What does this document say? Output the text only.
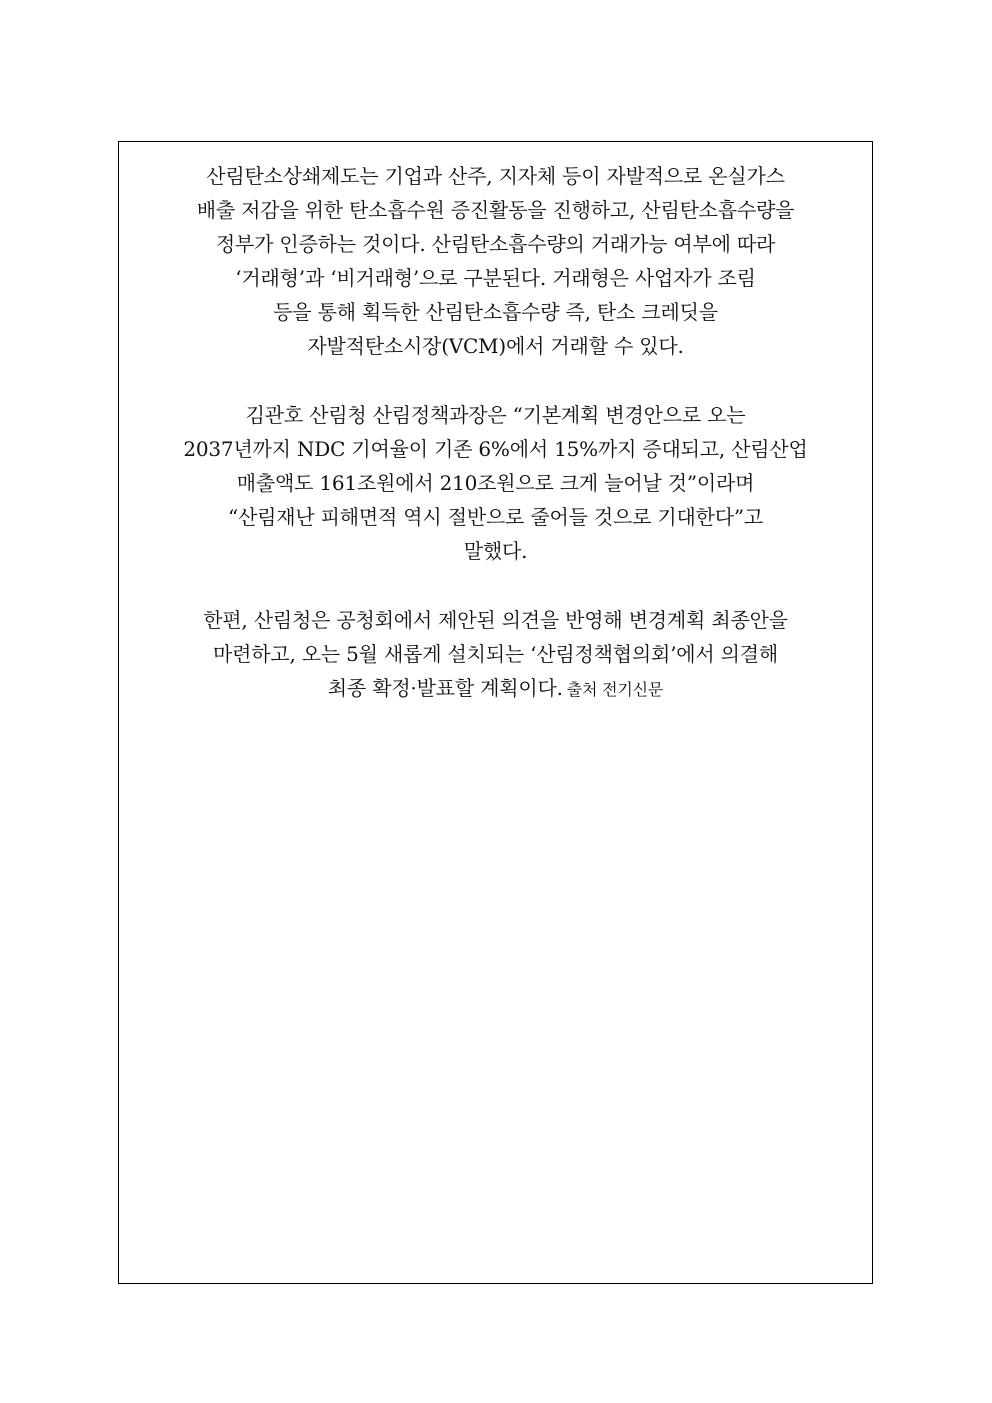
산림탄소상쇄제도는 기업과 산주, 지자체 등이 자발적으로 온실가스
배출 저감을 위한 탄소흡수원 증진활동을 진행하고, 산림탄소흡수량을
정부가 인증하는 것이다. 산림탄소흡수량의 거래가능 여부에 따라
‘거래형’과 ‘비거래형’으로 구분된다. 거래형은 사업자가 조림
등을 통해 획득한 산림탄소흡수량 즉, 탄소 크레딧을
자발적탄소시장(VCM)에서 거래할 수 있다.

김관호 산림청 산림정책과장은 “기본계획 변경안으로 오는
2037년까지 NDC 기여율이 기존 6%에서 15%까지 증대되고, 산림산업
매출액도 161조원에서 210조원으로 크게 늘어날 것”이라며
“산림재난 피해면적 역시 절반으로 줄어들 것으로 기대한다”고
말했다.

한편, 산림청은 공청회에서 제안된 의견을 반영해 변경계획 최종안을
마련하고, 오는 5월 새롭게 설치되는 ‘산림정책협의회’에서 의결해
최종 확정·발표할 계획이다. 출처 전기신문
